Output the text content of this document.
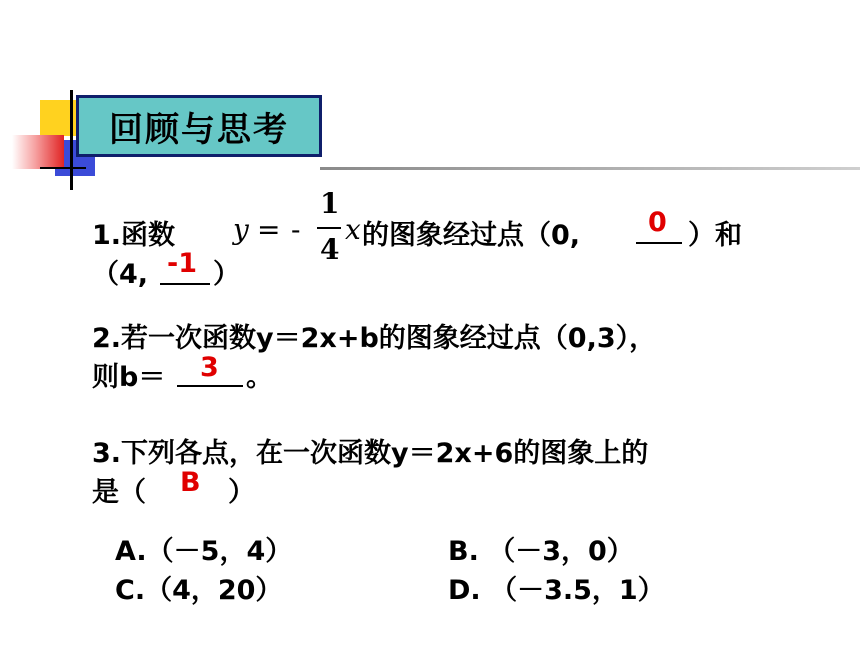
回顾与思考
1.函数 y = -
1
4
x 的图象经过点（0,	0 ）和
（4, -1 ）
2.若一次函数y＝2x+b的图象经过点（0,3），
则b＝ 3 。
3.下列各点，在一次函数y＝2x+6的图象上的
是（ B ）
A.（－5，4）	B. （－3，0）
C.（4，20）	D. （－3.5，1）
